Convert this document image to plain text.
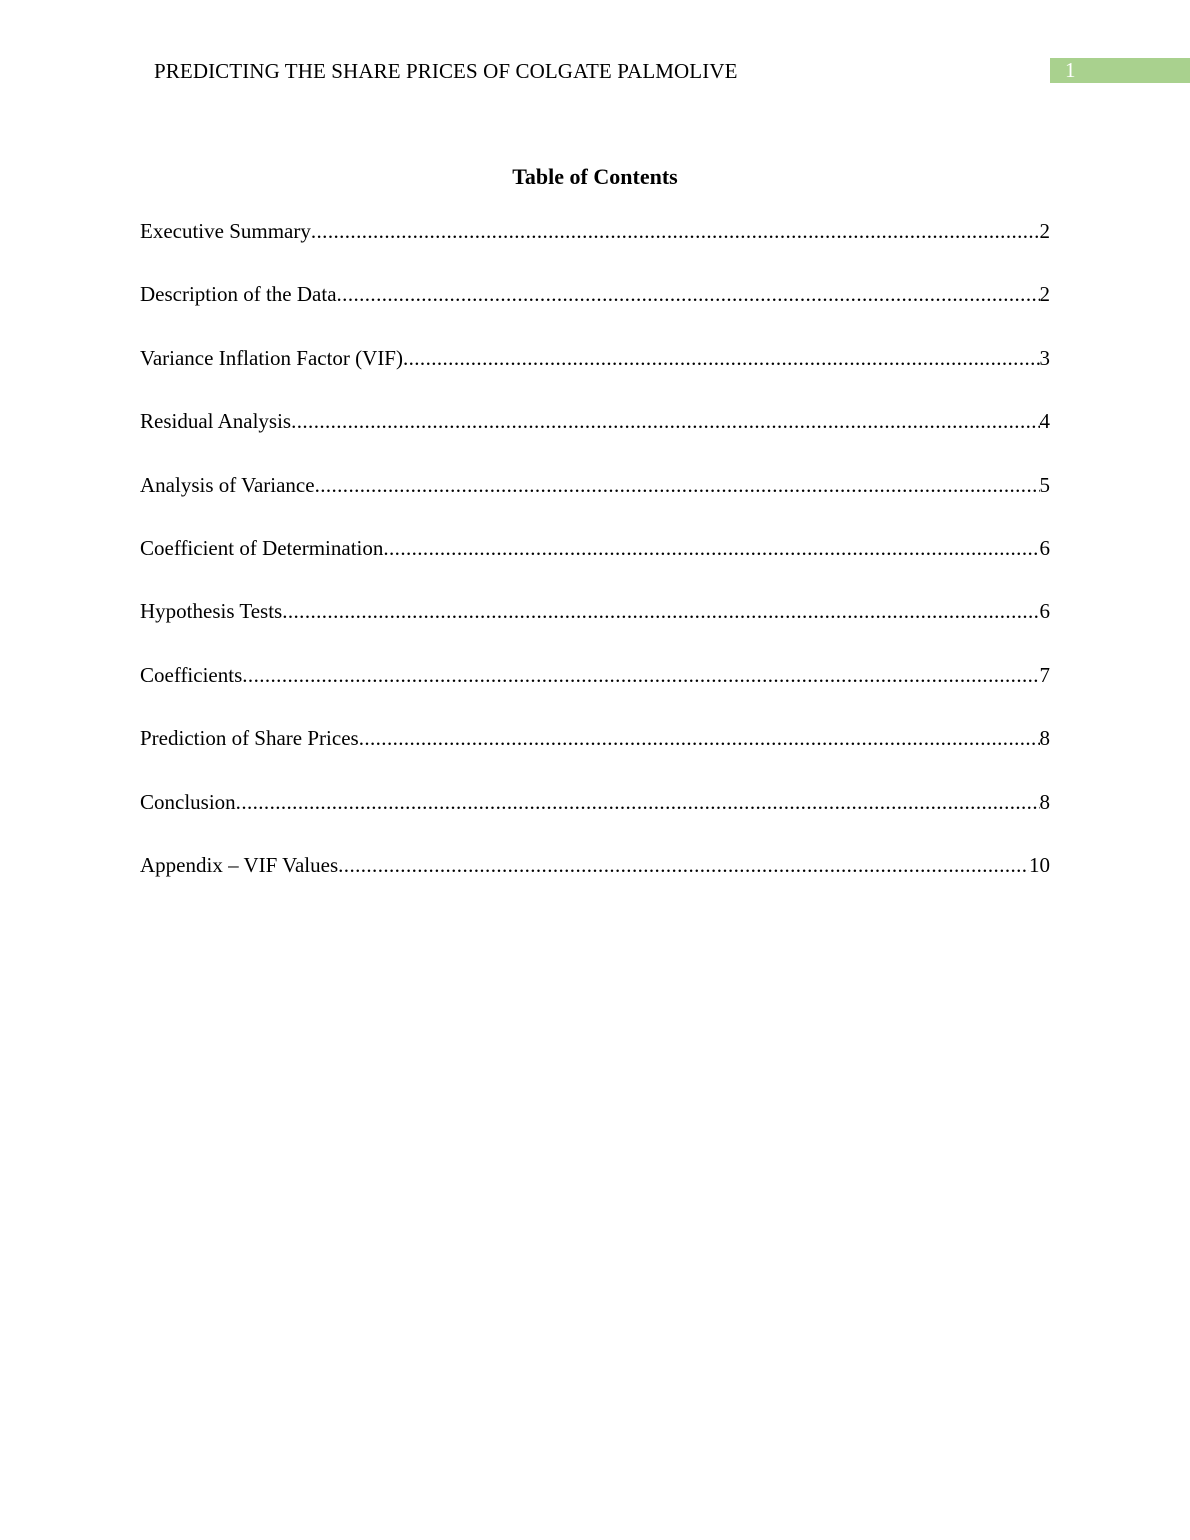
PREDICTING THE SHARE PRICES OF COLGATE PALMOLIVE	1
Table of Contents
Executive Summary .....	2
Description of the Data .....	2
Variance Inflation Factor (VIF) .....	3
Residual Analysis .....	4
Analysis of Variance .....	5
Coefficient of Determination .....	6
Hypothesis Tests .....	6
Coefficients .....	7
Prediction of Share Prices .....	8
Conclusion .....	8
Appendix – VIF Values .....	10
